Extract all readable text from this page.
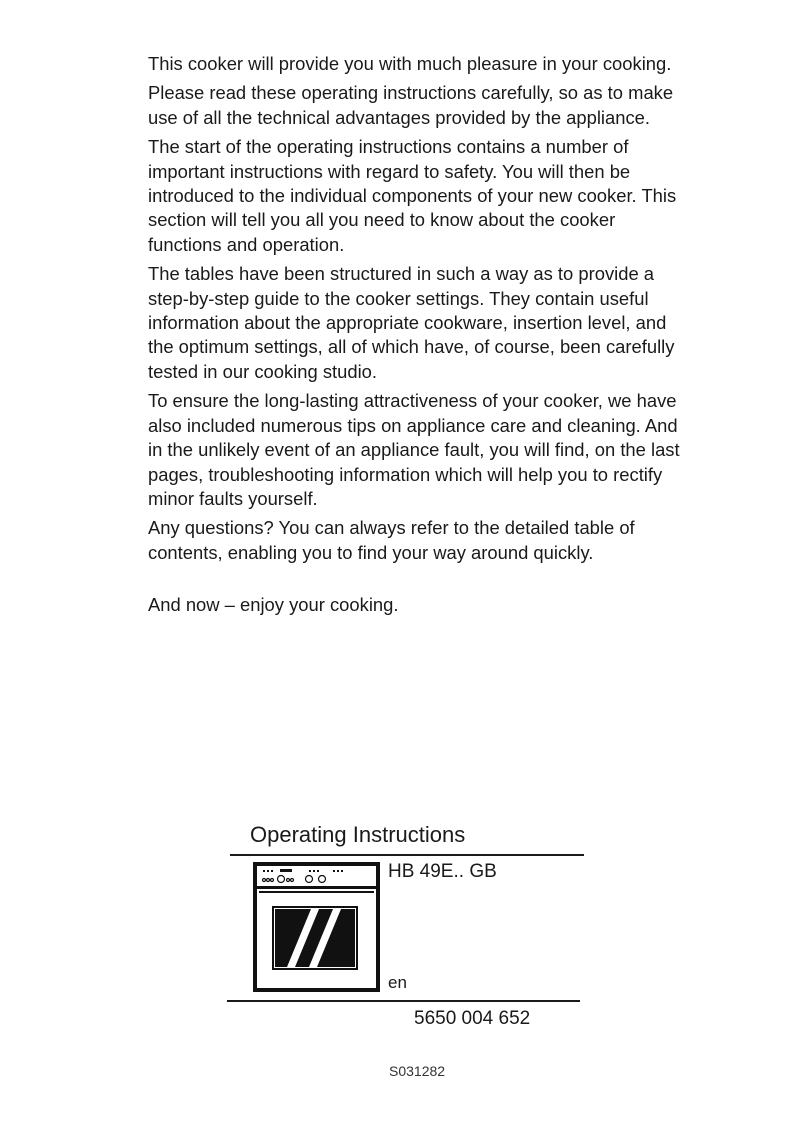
This cooker will provide you with much pleasure in your cooking.

Please read these operating instructions carefully, so as to make use of all the technical advantages provided by the appliance.

The start of the operating instructions contains a number of important instructions with regard to safety. You will then be introduced to the individual components of your new cooker. This section will tell you all you need to know about the cooker functions and operation.

The tables have been structured in such a way as to provide a step-by-step guide to the cooker settings. They contain useful information about the appropriate cookware, insertion level, and the optimum settings, all of which have, of course, been carefully tested in our cooking studio.

To ensure the long-lasting attractiveness of your cooker, we have also included numerous tips on appliance care and cleaning. And in the unlikely event of an appliance fault, you will find, on the last pages, troubleshooting information which will help you to rectify minor faults yourself.

Any questions? You can always refer to the detailed table of contents, enabling you to find your way around quickly.

And now – enjoy your cooking.

Operating Instructions
HB 49E.. GB
en
5650 004 652
S031282
